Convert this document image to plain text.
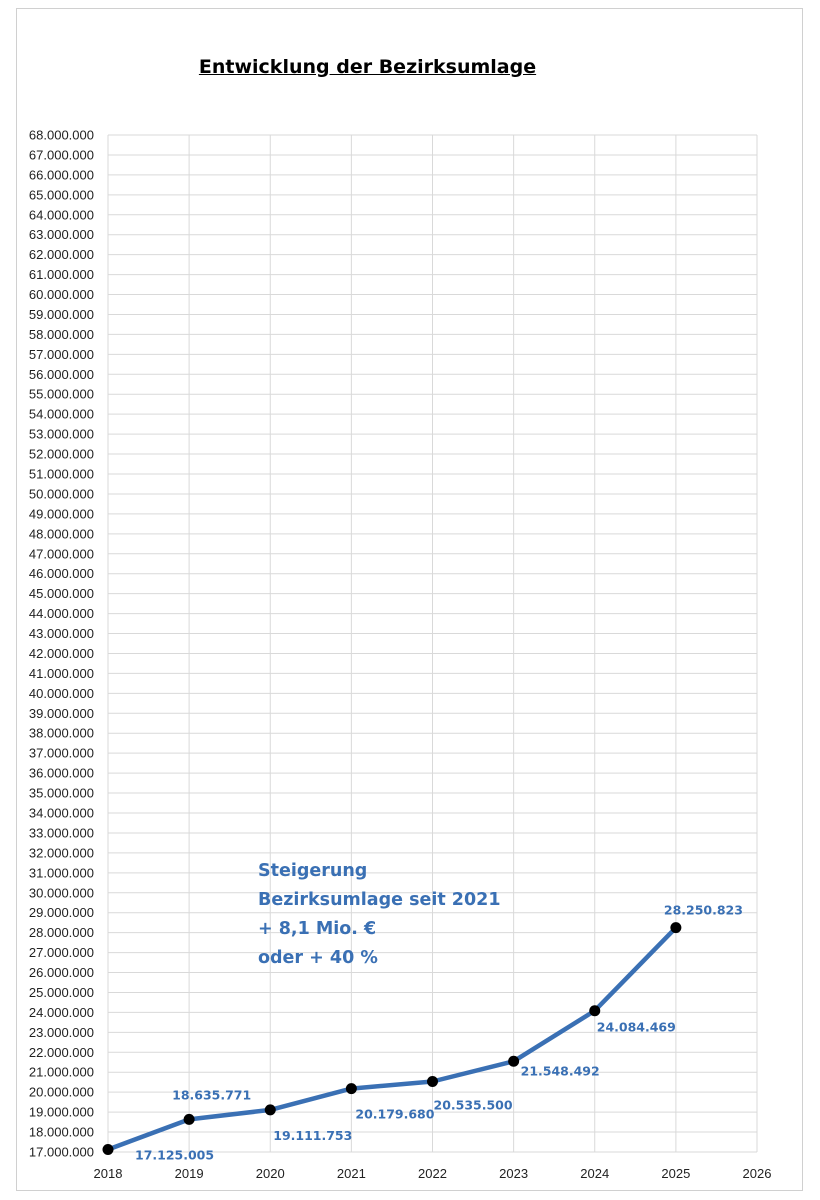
Entwicklung der Bezirksumlage
17.000.000
18.000.000
19.000.000
20.000.000
21.000.000
22.000.000
23.000.000
24.000.000
25.000.000
26.000.000
27.000.000
28.000.000
29.000.000
30.000.000
31.000.000
32.000.000
33.000.000
34.000.000
35.000.000
36.000.000
37.000.000
38.000.000
39.000.000
40.000.000
41.000.000
42.000.000
43.000.000
44.000.000
45.000.000
46.000.000
47.000.000
48.000.000
49.000.000
50.000.000
51.000.000
52.000.000
53.000.000
54.000.000
55.000.000
56.000.000
57.000.000
58.000.000
59.000.000
60.000.000
61.000.000
62.000.000
63.000.000
64.000.000
65.000.000
66.000.000
67.000.000
68.000.000
2018	2019	2020	2021	2022	2023	2024	2025	2026
17.125.005
18.635.771
19.111.753
20.179.680
20.535.500
21.548.492
24.084.469
28.250.823
Steigerung
Bezirksumlage seit 2021
+ 8,1 Mio. €
oder + 40 %
